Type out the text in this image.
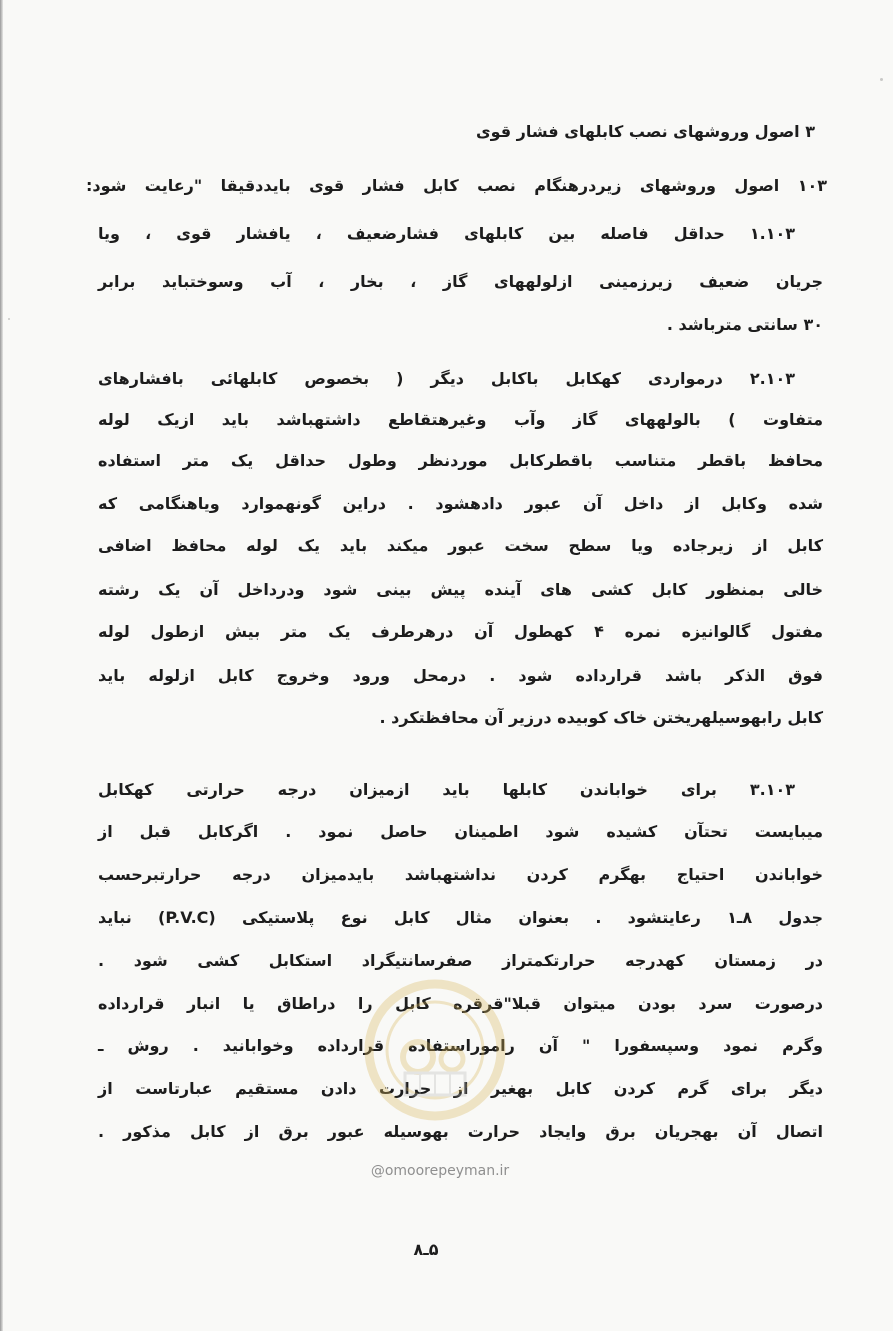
۳ اصول وروشهای نصب کابلهای فشار قوی
۱۰۳ اصول وروشهای زیردرهنگام نصب کابل فشار قوی بایددقیقا "رعایت شود:
۱.۱۰۳ حداقل فاصله بین کابلهای فشارضعیف ، یافشار قوی ، ویا
جریان ضعیف زیرزمینی ازلولههای گاز ، بخار ، آب وسوختباید برابر
۳۰ سانتی مترباشد .
۲.۱۰۳ درمواردی کهکابل باکابل دیگر ( بخصوص کابلهائی بافشارهای
متفاوت ) بالولههای گاز وآب وغیرهتقاطع داشتهباشد باید ازیک لوله
محافظ باقطر متناسب باقطرکابل موردنظر وطول حداقل یک متر استفاده
شده وکابل از داخل آن عبور دادهشود . دراین گونهموارد ویاهنگامی که
کابل از زیرجاده ویا سطح سخت عبور میکند باید یک لوله محافظ اضافی
خالی بمنظور کابل کشی های آینده پیش بینی شود ودرداخل آن یک رشته
مفتول گالوانیزه نمره ۴ کهطول آن درهرطرف یک متر بیش ازطول لوله
فوق الذکر باشد قرارداده شود . درمحل ورود وخروج کابل ازلوله باید
کابل رابهوسیلهریختن خاک کوبیده درزیر آن محافظتکرد .
۳.۱۰۳ برای خواباندن کابلها باید ازمیزان درجه حرارتی کهکابل
میبایست تحتآن کشیده شود اطمینان حاصل نمود . اگرکابل قبل از
خواباندن احتیاج بهگرم کردن نداشتهباشد بایدمیزان درجه حرارتبرحسب
جدول ۸ـ۱ رعایتشود . بعنوان مثال کابل نوع پلاستیکی (P.V.C) نباید
در زمستان کهدرجه حرارتکمتراز صفرسانتیگراد استکابل کشی شود .
درصورت سرد بودن میتوان قبلا"قرقره کابل را دراطاق یا انبار قرارداده
وگرم نمود وسپسفورا " آن راموراستفاده قرارداده وخوابانید . روش ـ
دیگر برای گرم کردن کابل بهغیر از حرارت دادن مستقیم عبارتاست از
اتصال آن بهجریان برق وایجاد حرارت بهوسیله عبور برق از کابل مذکور .
@omoorepeyman.ir
۵ـ۸
